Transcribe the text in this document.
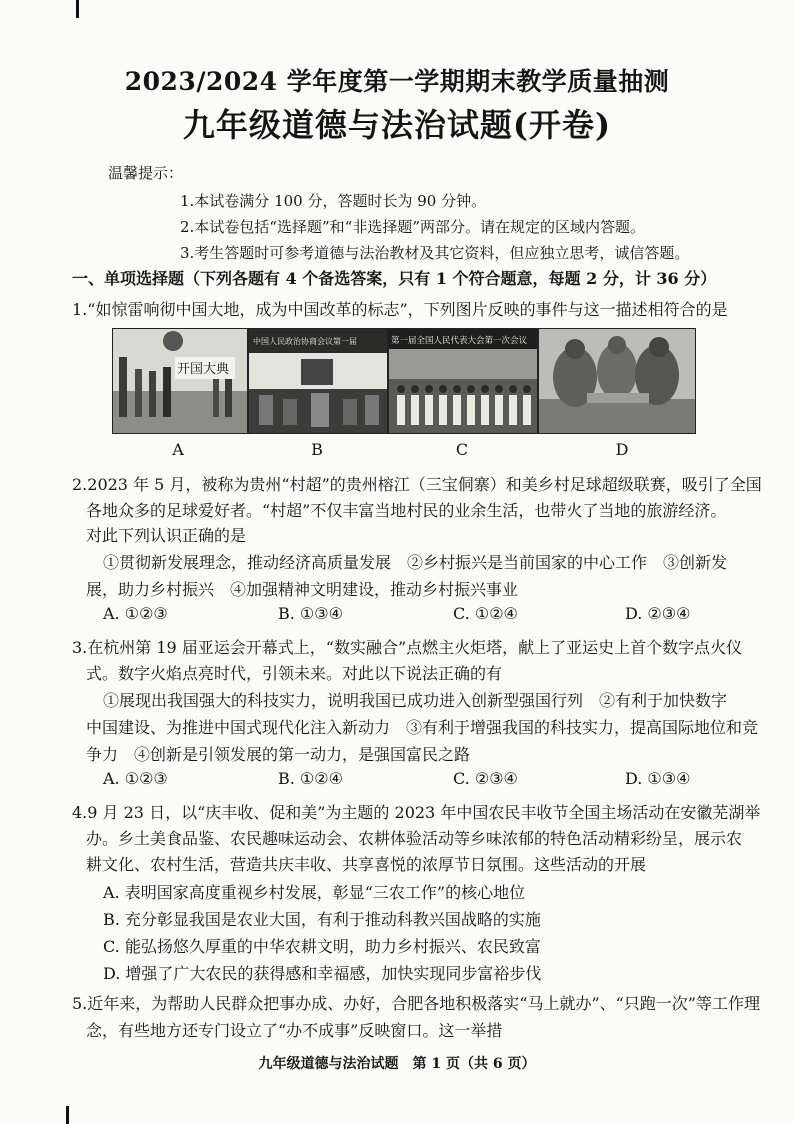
2023/2024 学年度第一学期期末教学质量抽测
九年级道德与法治试题(开卷)
温馨提示：
1.本试卷满分 100 分，答题时长为 90 分钟。
2.本试卷包括“选择题”和“非选择题”两部分。请在规定的区域内答题。
3.考生答题时可参考道德与法治教材及其它资料，但应独立思考，诚信答题。
一、单项选择题（下列各题有 4 个备选答案，只有 1 个符合题意，每题 2 分，计 36 分）
1.“如惊雷响彻中国大地，成为中国改革的标志”，下列图片反映的事件与这一描述相符合的是
开国大典
中国人民政治协商会议第一届	第一届全国人民代表大会第一次会议
A	B	C	D
2.2023 年 5 月，被称为贵州“村超”的贵州榕江（三宝侗寨）和美乡村足球超级联赛，吸引了全国
各地众多的足球爱好者。“村超”不仅丰富当地村民的业余生活，也带火了当地的旅游经济。
对此下列认识正确的是
①贯彻新发展理念，推动经济高质量发展　②乡村振兴是当前国家的中心工作　③创新发
展，助力乡村振兴　④加强精神文明建设，推动乡村振兴事业
A. ①②③	B. ①③④	C. ①②④	D. ②③④
3.在杭州第 19 届亚运会开幕式上，“数实融合”点燃主火炬塔，献上了亚运史上首个数字点火仪
式。数字火焰点亮时代，引领未来。对此以下说法正确的有
①展现出我国强大的科技实力，说明我国已成功进入创新型强国行列　②有利于加快数字
中国建设、为推进中国式现代化注入新动力　③有利于增强我国的科技实力，提高国际地位和竞
争力　④创新是引领发展的第一动力，是强国富民之路
A. ①②③	B. ①②④	C. ②③④	D. ①③④
4.9 月 23 日，以“庆丰收、促和美”为主题的 2023 年中国农民丰收节全国主场活动在安徽芜湖举
办。乡土美食品鉴、农民趣味运动会、农耕体验活动等乡味浓郁的特色活动精彩纷呈，展示农
耕文化、农村生活，营造共庆丰收、共享喜悦的浓厚节日氛围。这些活动的开展
A. 表明国家高度重视乡村发展，彰显“三农工作”的核心地位
B. 充分彰显我国是农业大国，有利于推动科教兴国战略的实施
C. 能弘扬悠久厚重的中华农耕文明，助力乡村振兴、农民致富
D. 增强了广大农民的获得感和幸福感，加快实现同步富裕步伐
5.近年来，为帮助人民群众把事办成、办好，合肥各地积极落实“马上就办”、“只跑一次”等工作理
念，有些地方还专门设立了“办不成事”反映窗口。这一举措
九年级道德与法治试题　第 1 页（共 6 页）
